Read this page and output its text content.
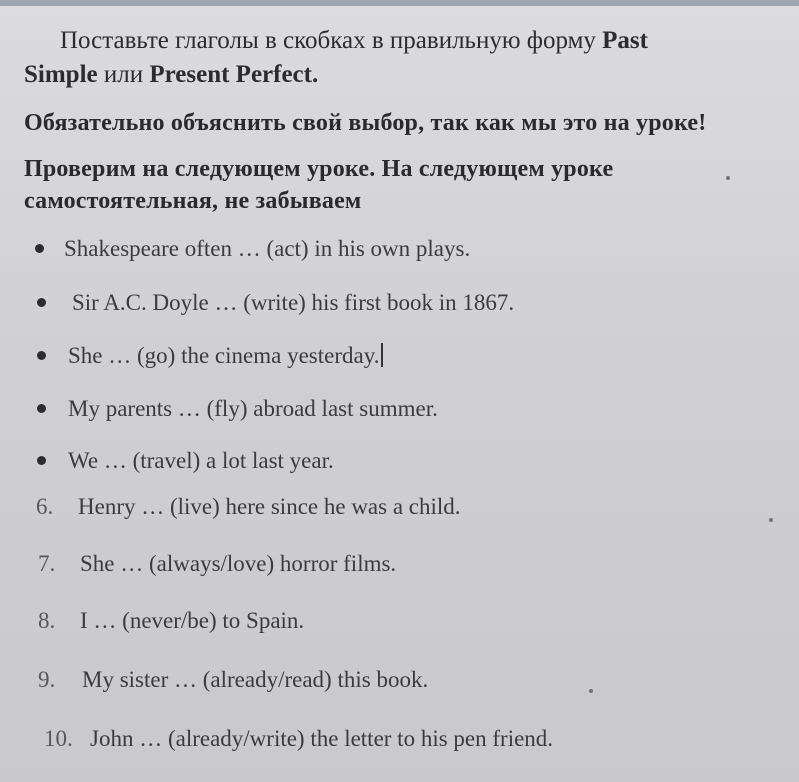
Поставьте глаголы в скобках в правильную форму Past
Simple или Present Perfect.
Обязательно объяснить свой выбор, так как мы это на уроке!
Проверим на следующем уроке. На следующем уроке самостоятельная, не забываем
Shakespeare often … (act) in his own plays.
Sir A.C. Doyle … (write) his first book in 1867.
She … (go) the cinema yesterday.
My parents … (fly) abroad last summer.
We … (travel) a lot last year.
6. Henry … (live) here since he was a child.
7. She … (always/love) horror films.
8. I … (never/be) to Spain.
9. My sister … (already/read) this book.
10. John … (already/write) the letter to his pen friend.
